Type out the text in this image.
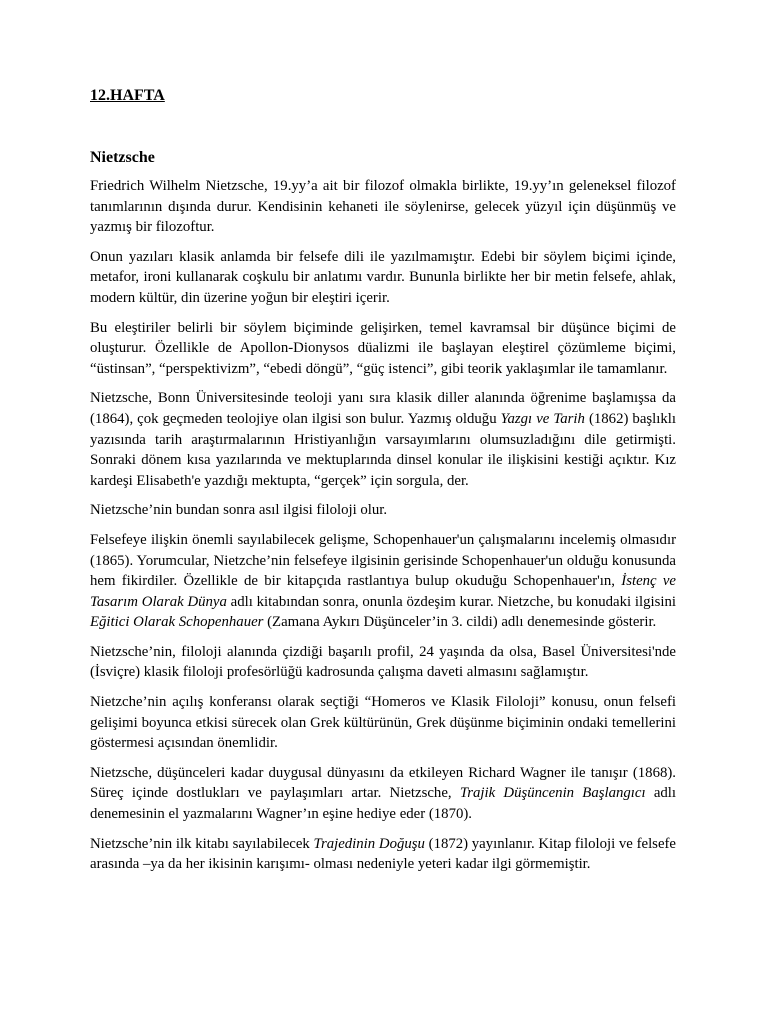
12.HAFTA
Nietzsche

Friedrich Wilhelm Nietzsche, 19.yy’a ait bir filozof olmakla birlikte, 19.yy’ın geleneksel filozof tanımlarının dışında durur. Kendisinin kehaneti ile söylenirse, gelecek yüzyıl için düşünmüş ve yazmış bir filozoftur.

Onun yazıları klasik anlamda bir felsefe dili ile yazılmamıştır. Edebi bir söylem biçimi içinde, metafor, ironi kullanarak coşkulu bir anlatımı vardır. Bununla birlikte her bir metin felsefe, ahlak, modern kültür, din üzerine yoğun bir eleştiri içerir.

Bu eleştiriler belirli bir söylem biçiminde gelişirken, temel kavramsal bir düşünce biçimi de oluşturur. Özellikle de Apollon-Dionysos düalizmi ile başlayan eleştirel çözümleme biçimi, “üstinsan”, “perspektivizm”, “ebedi döngü”, “güç istenci”, gibi teorik yaklaşımlar ile tamamlanır.

Nietzsche, Bonn Üniversitesinde teoloji yanı sıra klasik diller alanında öğrenime başlamışsa da (1864), çok geçmeden teolojiye olan ilgisi son bulur. Yazmış olduğu Yazgı ve Tarih (1862) başlıklı yazısında tarih araştırmalarının Hristiyanlığın varsayımlarını olumsuzladığını dile getirmişti. Sonraki dönem kısa yazılarında ve mektuplarında dinsel konular ile ilişkisini kestiği açıktır. Kız kardeşi Elisabeth'e yazdığı mektupta, “gerçek” için sorgula, der.

Nietzsche’nin bundan sonra asıl ilgisi filoloji olur.

Felsefeye ilişkin önemli sayılabilecek gelişme, Schopenhauer'un çalışmalarını incelemiş olmasıdır (1865). Yorumcular, Nietzche’nin felsefeye ilgisinin gerisinde Schopenhauer'un olduğu konusunda hem fikirdiler. Özellikle de bir kitapçıda rastlantıya bulup okuduğu Schopenhauer'ın, İstenç ve Tasarım Olarak Dünya adlı kitabından sonra, onunla özdeşim kurar. Nietzche, bu konudaki ilgisini Eğitici Olarak Schopenhauer (Zamana Aykırı Düşünceler’in 3. cildi) adlı denemesinde gösterir.

Nietzsche’nin, filoloji alanında çizdiği başarılı profil, 24 yaşında da olsa, Basel Üniversitesi'nde (İsviçre) klasik filoloji profesörlüğü kadrosunda çalışma daveti almasını sağlamıştır.

Nietzche’nin açılış konferansı olarak seçtiği “Homeros ve Klasik Filoloji” konusu, onun felsefi gelişimi boyunca etkisi sürecek olan Grek kültürünün, Grek düşünme biçiminin ondaki temellerini göstermesi açısından önemlidir.

Nietzsche, düşünceleri kadar duygusal dünyasını da etkileyen Richard Wagner ile tanışır (1868). Süreç içinde dostlukları ve paylaşımları artar. Nietzsche, Trajik Düşüncenin Başlangıcı adlı denemesinin el yazmalarını Wagner’ın eşine hediye eder (1870).

Nietzsche’nin ilk kitabı sayılabilecek Trajedinin Doğuşu (1872) yayınlanır. Kitap filoloji ve felsefe arasında –ya da her ikisinin karışımı- olması nedeniyle yeteri kadar ilgi görmemiştir.
